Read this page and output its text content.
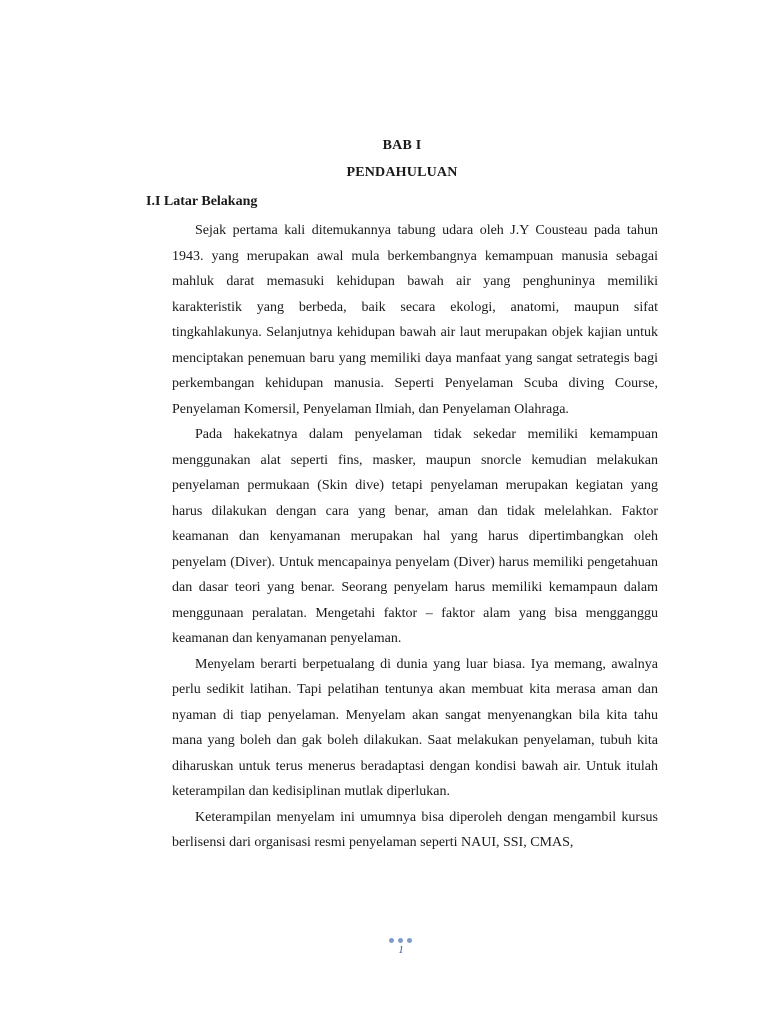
BAB I
PENDAHULUAN
I.I Latar Belakang

Sejak pertama kali ditemukannya tabung udara oleh J.Y Cousteau pada tahun 1943. yang merupakan awal mula berkembangnya kemampuan manusia sebagai mahluk darat memasuki kehidupan bawah air yang penghuninya memiliki karakteristik yang berbeda, baik secara ekologi, anatomi, maupun sifat tingkahlakunya. Selanjutnya kehidupan bawah air laut merupakan objek kajian untuk menciptakan penemuan baru yang memiliki daya manfaat yang sangat setrategis bagi perkembangan kehidupan manusia. Seperti Penyelaman Scuba diving Course, Penyelaman Komersil, Penyelaman Ilmiah, dan Penyelaman Olahraga.

Pada hakekatnya dalam penyelaman tidak sekedar memiliki kemampuan menggunakan alat seperti fins, masker, maupun snorcle kemudian melakukan penyelaman permukaan (Skin dive) tetapi penyelaman merupakan kegiatan yang harus dilakukan dengan cara yang benar, aman dan tidak melelahkan. Faktor keamanan dan kenyamanan merupakan hal yang harus dipertimbangkan oleh penyelam (Diver). Untuk mencapainya penyelam (Diver) harus memiliki pengetahuan dan dasar teori yang benar. Seorang penyelam harus memiliki kemampaun dalam menggunaan peralatan. Mengetahi faktor – faktor alam yang bisa mengganggu keamanan dan kenyamanan penyelaman.

Menyelam berarti berpetualang di dunia yang luar biasa. Iya memang, awalnya perlu sedikit latihan. Tapi pelatihan tentunya akan membuat kita merasa aman dan nyaman di tiap penyelaman. Menyelam akan sangat menyenangkan bila kita tahu mana yang boleh dan gak boleh dilakukan. Saat melakukan penyelaman, tubuh kita diharuskan untuk terus menerus beradaptasi dengan kondisi bawah air. Untuk itulah keterampilan dan kedisiplinan mutlak diperlukan.

Keterampilan menyelam ini umumnya bisa diperoleh dengan mengambil kursus berlisensi dari organisasi resmi penyelaman seperti NAUI, SSI, CMAS,

1
